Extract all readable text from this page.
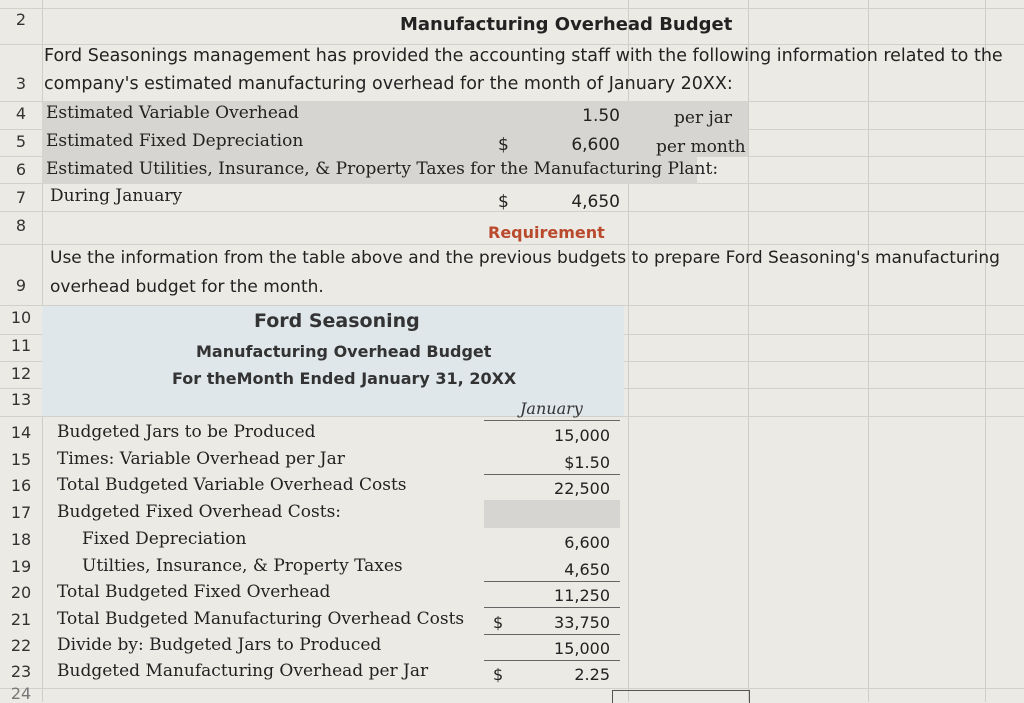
2
3
4
5
6
7
8
9
10
11
12
13
24
Manufacturing Overhead Budget
Ford Seasonings management has provided the accounting staff with the following information related to the
company's estimated manufacturing overhead for the month of January 20XX:
Estimated Variable Overhead	1.50	per jar
Estimated Fixed Depreciation	$	6,600 per month
Estimated Utilities, Insurance, & Property Taxes for the Manufacturing Plant:
During January	$	4,650
Requirement
Use the information from the table above and the previous budgets to prepare Ford Seasoning's manufacturing
overhead budget for the month.
Ford Seasoning
Manufacturing Overhead Budget
For theMonth Ended January 31, 20XX
January
14	Budgeted Jars to be Produced	15,000
15	Times: Variable Overhead per Jar	$1.50
16	Total Budgeted Variable Overhead Costs	22,500
17	Budgeted Fixed Overhead Costs:
18	Fixed Depreciation	6,600
19	Utilties, Insurance, & Property Taxes	4,650
20	Total Budgeted Fixed Overhead	11,250
21	Total Budgeted Manufacturing Overhead Costs $	33,750
22	Divide by: Budgeted Jars to Produced	15,000
23	Budgeted Manufacturing Overhead per Jar	$	2.25
